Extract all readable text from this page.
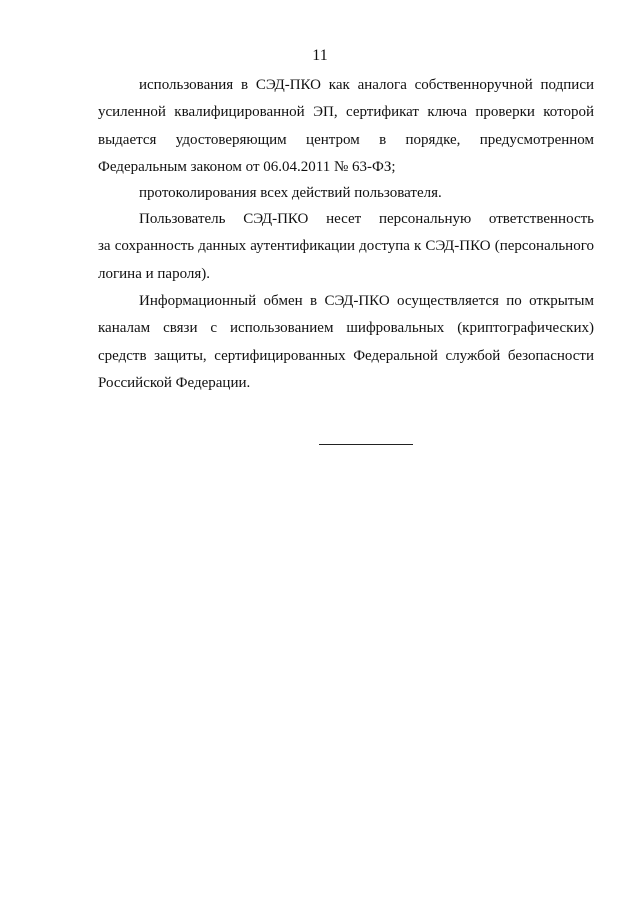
11
использования в СЭД-ПКО как аналога собственноручной подписи
усиленной квалифицированной ЭП, сертификат ключа проверки которой
выдается удостоверяющим центром в порядке, предусмотренном
Федеральным законом от 06.04.2011 № 63-ФЗ;
протоколирования всех действий пользователя.
Пользователь СЭД-ПКО несет персональную ответственность
за сохранность данных аутентификации доступа к СЭД-ПКО (персонального
логина и пароля).
Информационный обмен в СЭД-ПКО осуществляется по открытым
каналам связи с использованием шифровальных (криптографических)
средств защиты, сертифицированных Федеральной службой безопасности
Российской Федерации.
